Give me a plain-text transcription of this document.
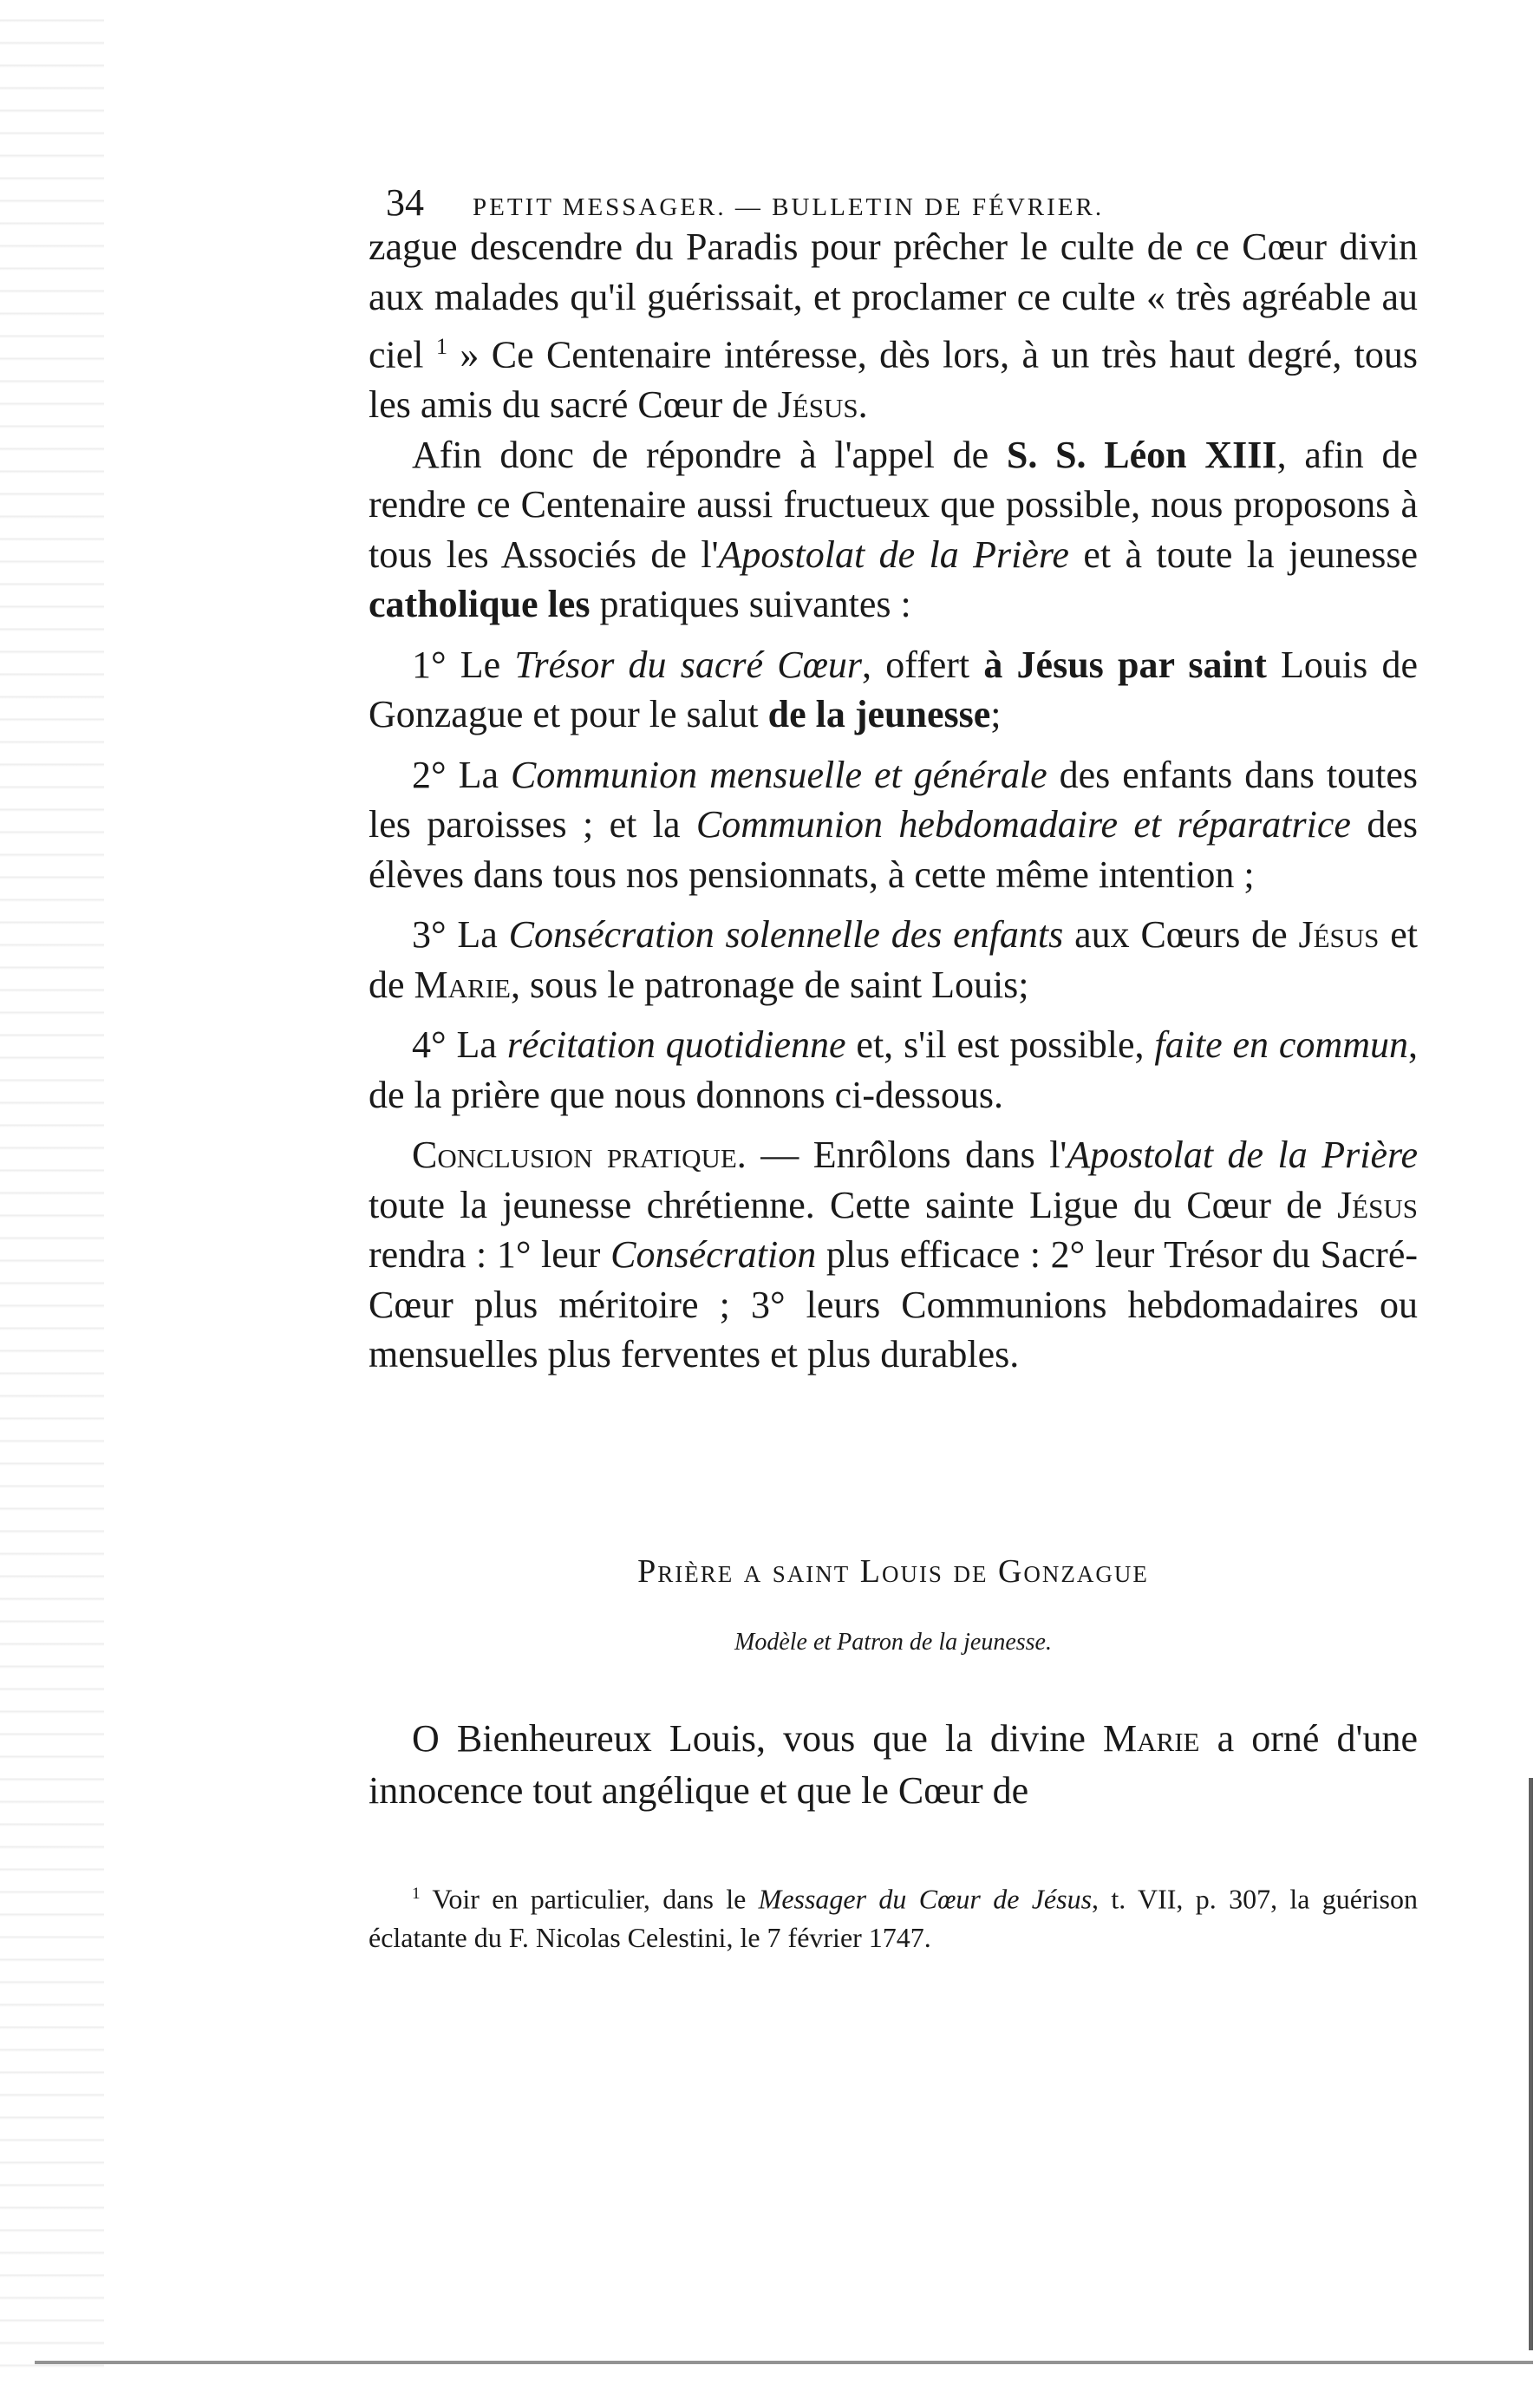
34	PETIT MESSAGER. — BULLETIN DE FÉVRIER.

zague descendre du Paradis pour prêcher le culte de ce Cœur divin aux malades qu'il guérissait, et proclamer ce culte « très agréable au ciel $^1$ » Ce Centenaire intéresse, dès lors, à un très haut degré, tous les amis du sacré Cœur de Jésus.

Afin donc de répondre à l'appel de S. S. Léon XIII, afin de rendre ce Centenaire aussi fructueux que possible, nous proposons à tous les Associés de l'Apostolat de la Prière et à toute la jeunesse catholique les pratiques suivantes :

1° Le Trésor du sacré Cœur, offert à Jésus par saint Louis de Gonzague et pour le salut de la jeunesse;

2° La Communion mensuelle et générale des enfants dans toutes les paroisses ; et la Communion hebdomadaire et réparatrice des élèves dans tous nos pensionnats, à cette même intention ;

3° La Consécration solennelle des enfants aux Cœurs de Jésus et de Marie, sous le patronage de saint Louis;

4° La récitation quotidienne et, s'il est possible, faite en commun, de la prière que nous donnons ci-dessous.

Conclusion pratique. — Enrôlons dans l'Apostolat de la Prière toute la jeunesse chrétienne. Cette sainte Ligue du Cœur de Jésus rendra : 1° leur Consécration plus efficace : 2° leur Trésor du Sacré-Cœur plus méritoire ; 3° leurs Communions hebdomadaires ou mensuelles plus ferventes et plus durables.

Prière a saint Louis de Gonzague
Modèle et Patron de la jeunesse.

O Bienheureux Louis, vous que la divine Marie a orné d'une innocence tout angélique et que le Cœur de

$^1$ Voir en particulier, dans le Messager du Cœur de Jésus, t. VII, p. 307, la guérison éclatante du F. Nicolas Celestini, le 7 février 1747.
